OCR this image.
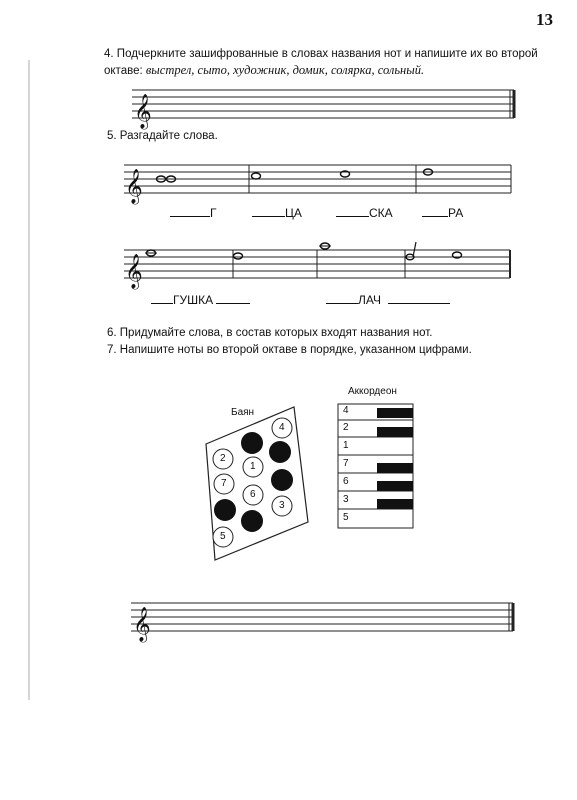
13
4. Подчеркните зашифрованные в словах названия нот и напишите их во второй октаве: выстрел, сыто, художник, домик, солярка, сольный.
𝄞
𝄞
𝄞
𝄞
5. Разгадайте слова.
Г	ЦА	СКА	РА
ГУШКА	ЛАЧ
6. Придумайте слова, в состав которых входят названия нот.
7. Напишите ноты во второй октаве в порядке, указанном цифрами.
Баян
Аккордеон
4
2
1
7
6
3
5
4
2
1
7
6
3
5
